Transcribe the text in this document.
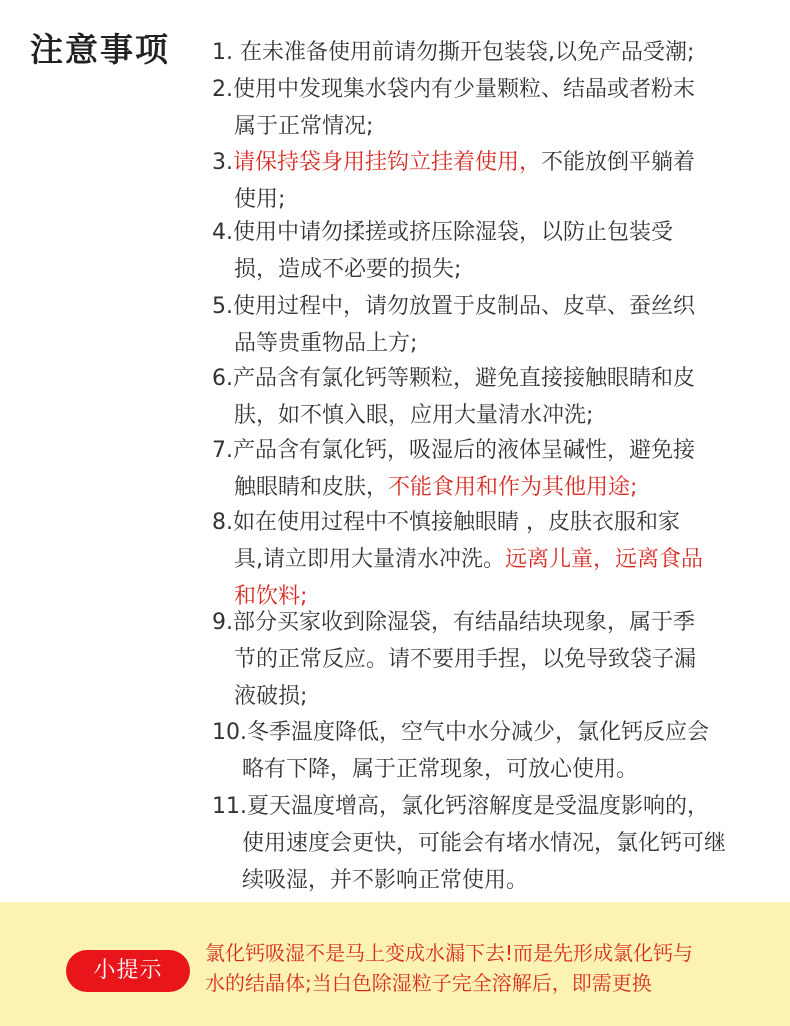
注意事项 1. 在未准备使用前请勿撕开包装袋,以免产品受潮;
2.使用中发现集水袋内有少量颗粒、结晶或者粉末
属于正常情况;
3.请保持袋身用挂钩立挂着使用，不能放倒平躺着
使用;
4.使用中请勿揉搓或挤压除湿袋，以防止包装受
损，造成不必要的损失;
5.使用过程中，请勿放置于皮制品、皮草、蚕丝织
品等贵重物品上方;
6.产品含有氯化钙等颗粒，避免直接接触眼睛和皮
肤，如不慎入眼，应用大量清水冲洗;
7.产品含有氯化钙，吸湿后的液体呈碱性，避免接
触眼睛和皮肤，不能食用和作为其他用途;
8.如在使用过程中不慎接触眼睛 ，皮肤衣服和家
具,请立即用大量清水冲洗。远离儿童，远离食品
和饮料;
9.部分买家收到除湿袋，有结晶结块现象，属于季
节的正常反应。请不要用手捏，以免导致袋子漏
液破损;
10.冬季温度降低，空气中水分减少，氯化钙反应会
略有下降，属于正常现象，可放心使用。
11.夏天温度增高，氯化钙溶解度是受温度影响的，
使用速度会更快，可能会有堵水情况，氯化钙可继
续吸湿，并不影响正常使用。
小提示
氯化钙吸湿不是马上变成水漏下去!而是先形成氯化钙与
水的结晶体;当白色除湿粒子完全溶解后，即需更换
